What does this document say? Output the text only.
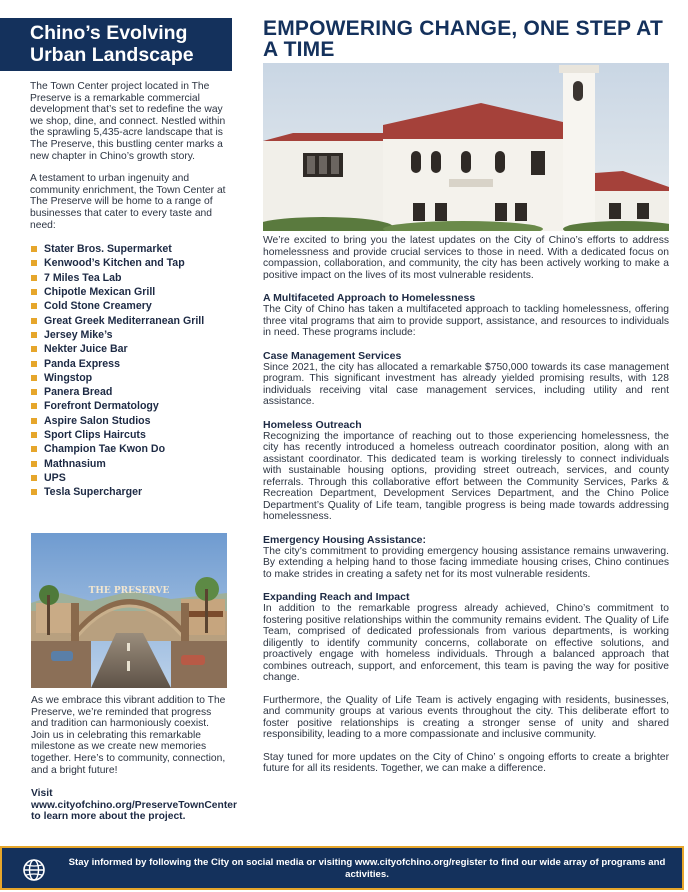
Chino’s Evolving Urban Landscape

The Town Center project located in The Preserve is a remarkable commercial development that’s set to redefine the way we shop, dine, and connect. Nestled within the sprawling 5,435-acre landscape that is The Preserve, this bustling center marks a new chapter in Chino’s growth story.

A testament to urban ingenuity and community enrichment, the Town Center at The Preserve will be home to a range of businesses that cater to every taste and need:

Stater Bros. Supermarket
Kenwood’s Kitchen and Tap
7 Miles Tea Lab
Chipotle Mexican Grill
Cold Stone Creamery
Great Greek Mediterranean Grill
Jersey Mike’s
Nekter Juice Bar
Panda Express
Wingstop
Panera Bread
Forefront Dermatology
Aspire Salon Studios
Sport Clips Haircuts
Champion Tae Kwon Do
Mathnasium
UPS
Tesla Supercharger
THE PRESERVE

As we embrace this vibrant addition to The Preserve, we’re reminded that progress and tradition can harmoniously coexist. Join us in celebrating this remarkable milestone as we create new memories together. Here’s to community, connection, and a bright future!

Visit www.cityofchino.org/PreserveTownCenter to learn more about the project.

EMPOWERING CHANGE, ONE STEP AT A TIME

We’re excited to bring you the latest updates on the City of Chino’s efforts to address homelessness and provide crucial services to those in need. With a dedicated focus on compassion, collaboration, and community, the city has been actively working to make a positive impact on the lives of its most vulnerable residents.

A Multifaceted Approach to Homelessness

The City of Chino has taken a multifaceted approach to tackling homelessness, offering three vital programs that aim to provide support, assistance, and resources to individuals in need. These programs include:

Case Management Services

Since 2021, the city has allocated a remarkable $750,000 towards its case management program. This significant investment has already yielded promising results, with 128 individuals receiving vital case management services, including utility and rent assistance.

Homeless Outreach

Recognizing the importance of reaching out to those experiencing homelessness, the city has recently introduced a homeless outreach coordinator position, along with an assistant coordinator. This dedicated team is working tirelessly to connect individuals with sustainable housing options, providing street outreach, services, and county referrals. Through this collaborative effort between the Community Services, Parks & Recreation Department, Development Services Department, and the Chino Police Department’s Quality of Life team, tangible progress is being made towards addressing homelessness.

Emergency Housing Assistance:

The city’s commitment to providing emergency housing assistance remains unwavering. By extending a helping hand to those facing immediate housing crises, Chino continues to make strides in creating a safety net for its most vulnerable residents.

Expanding Reach and Impact

In addition to the remarkable progress already achieved, Chino’s commitment to fostering positive relationships within the community remains evident. The Quality of Life Team, comprised of dedicated professionals from various departments, is working diligently to identify community concerns, collaborate on effective solutions, and proactively engage with homeless individuals. Through a balanced approach that combines outreach, support, and enforcement, this team is paving the way for positive change.

Furthermore, the Quality of Life Team is actively engaging with residents, businesses, and community groups at various events throughout the city. This deliberate effort to foster positive relationships is creating a stronger sense of unity and shared responsibility, leading to a more compassionate and inclusive community.

Stay tuned for more updates on the City of Chino’ s ongoing efforts to create a brighter future for all its residents. Together, we can make a difference.

Stay informed by following the City on social media or visiting www.cityofchino.org/register to find our wide array of programs and activities.
